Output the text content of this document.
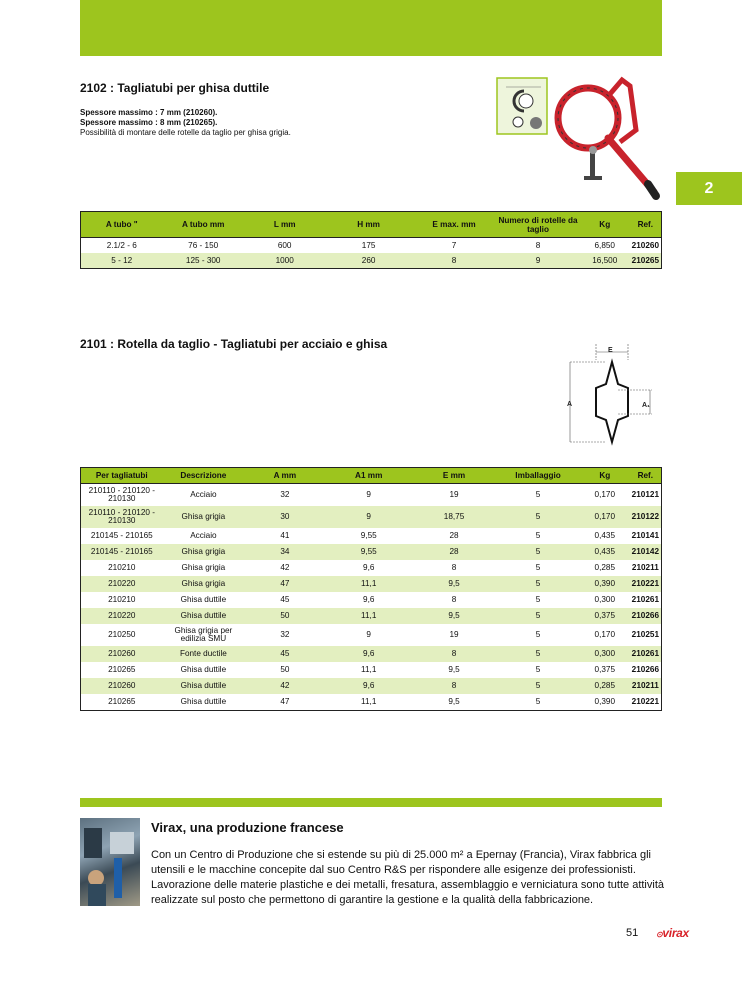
2
2102 : Tagliatubi per ghisa duttile
Spessore massimo : 7 mm (210260).
Spessore massimo : 8 mm (210265).
Possibilità di montare delle rotelle da taglio per ghisa grigia.
A tubo "	A tubo mm	L mm	H mm	E max. mm	Numero di rotelle da taglio	Kg	Ref.
2.1/2 - 6	76 - 150	600	175	7	8	6,850	210260
5 - 12	125 - 300	1000	260	8	9	16,500	210265
2101 : Rotella da taglio - Tagliatubi per acciaio e ghisa	E
A	A₁
Per tagliatubi	Descrizione	A mm	A1 mm	E mm	Imballaggio	Kg	Ref.
210110 - 210120 - 210130	Acciaio	32	9	19	5	0,170	210121
210110 - 210120 - 210130	Ghisa grigia	30	9	18,75	5	0,170	210122
210145 - 210165	Acciaio	41	9,55	28	5	0,435	210141
210145 - 210165	Ghisa grigia	34	9,55	28	5	0,435	210142
210210	Ghisa grigia	42	9,6	8	5	0,285	210211
210220	Ghisa grigia	47	11,1	9,5	5	0,390	210221
210210	Ghisa duttile	45	9,6	8	5	0,300	210261
210220	Ghisa duttile	50	11,1	9,5	5	0,375	210266
210250	Ghisa grigia per edilizia SMU	32	9	19	5	0,170	210251
210260	Fonte ductile	45	9,6	8	5	0,300	210261
210265	Ghisa duttile	50	11,1	9,5	5	0,375	210266
210260	Ghisa duttile	42	9,6	8	5	0,285	210211
210265	Ghisa duttile	47	11,1	9,5	5	0,390	210221
Virax, una produzione francese
Con un Centro di Produzione che si estende su più di 25.000 m² a Epernay (Francia), Virax fabbrica gli utensili e le macchine concepite dal suo Centro R&S per rispondere alle esigenze dei professionisti. Lavorazione delle materie plastiche e dei metalli, fresatura, assemblaggio e verniciatura sono tutte attività realizzate sul posto che permettono di garantire la gestione e la qualità della fabbricazione.
51 ⊙virax
